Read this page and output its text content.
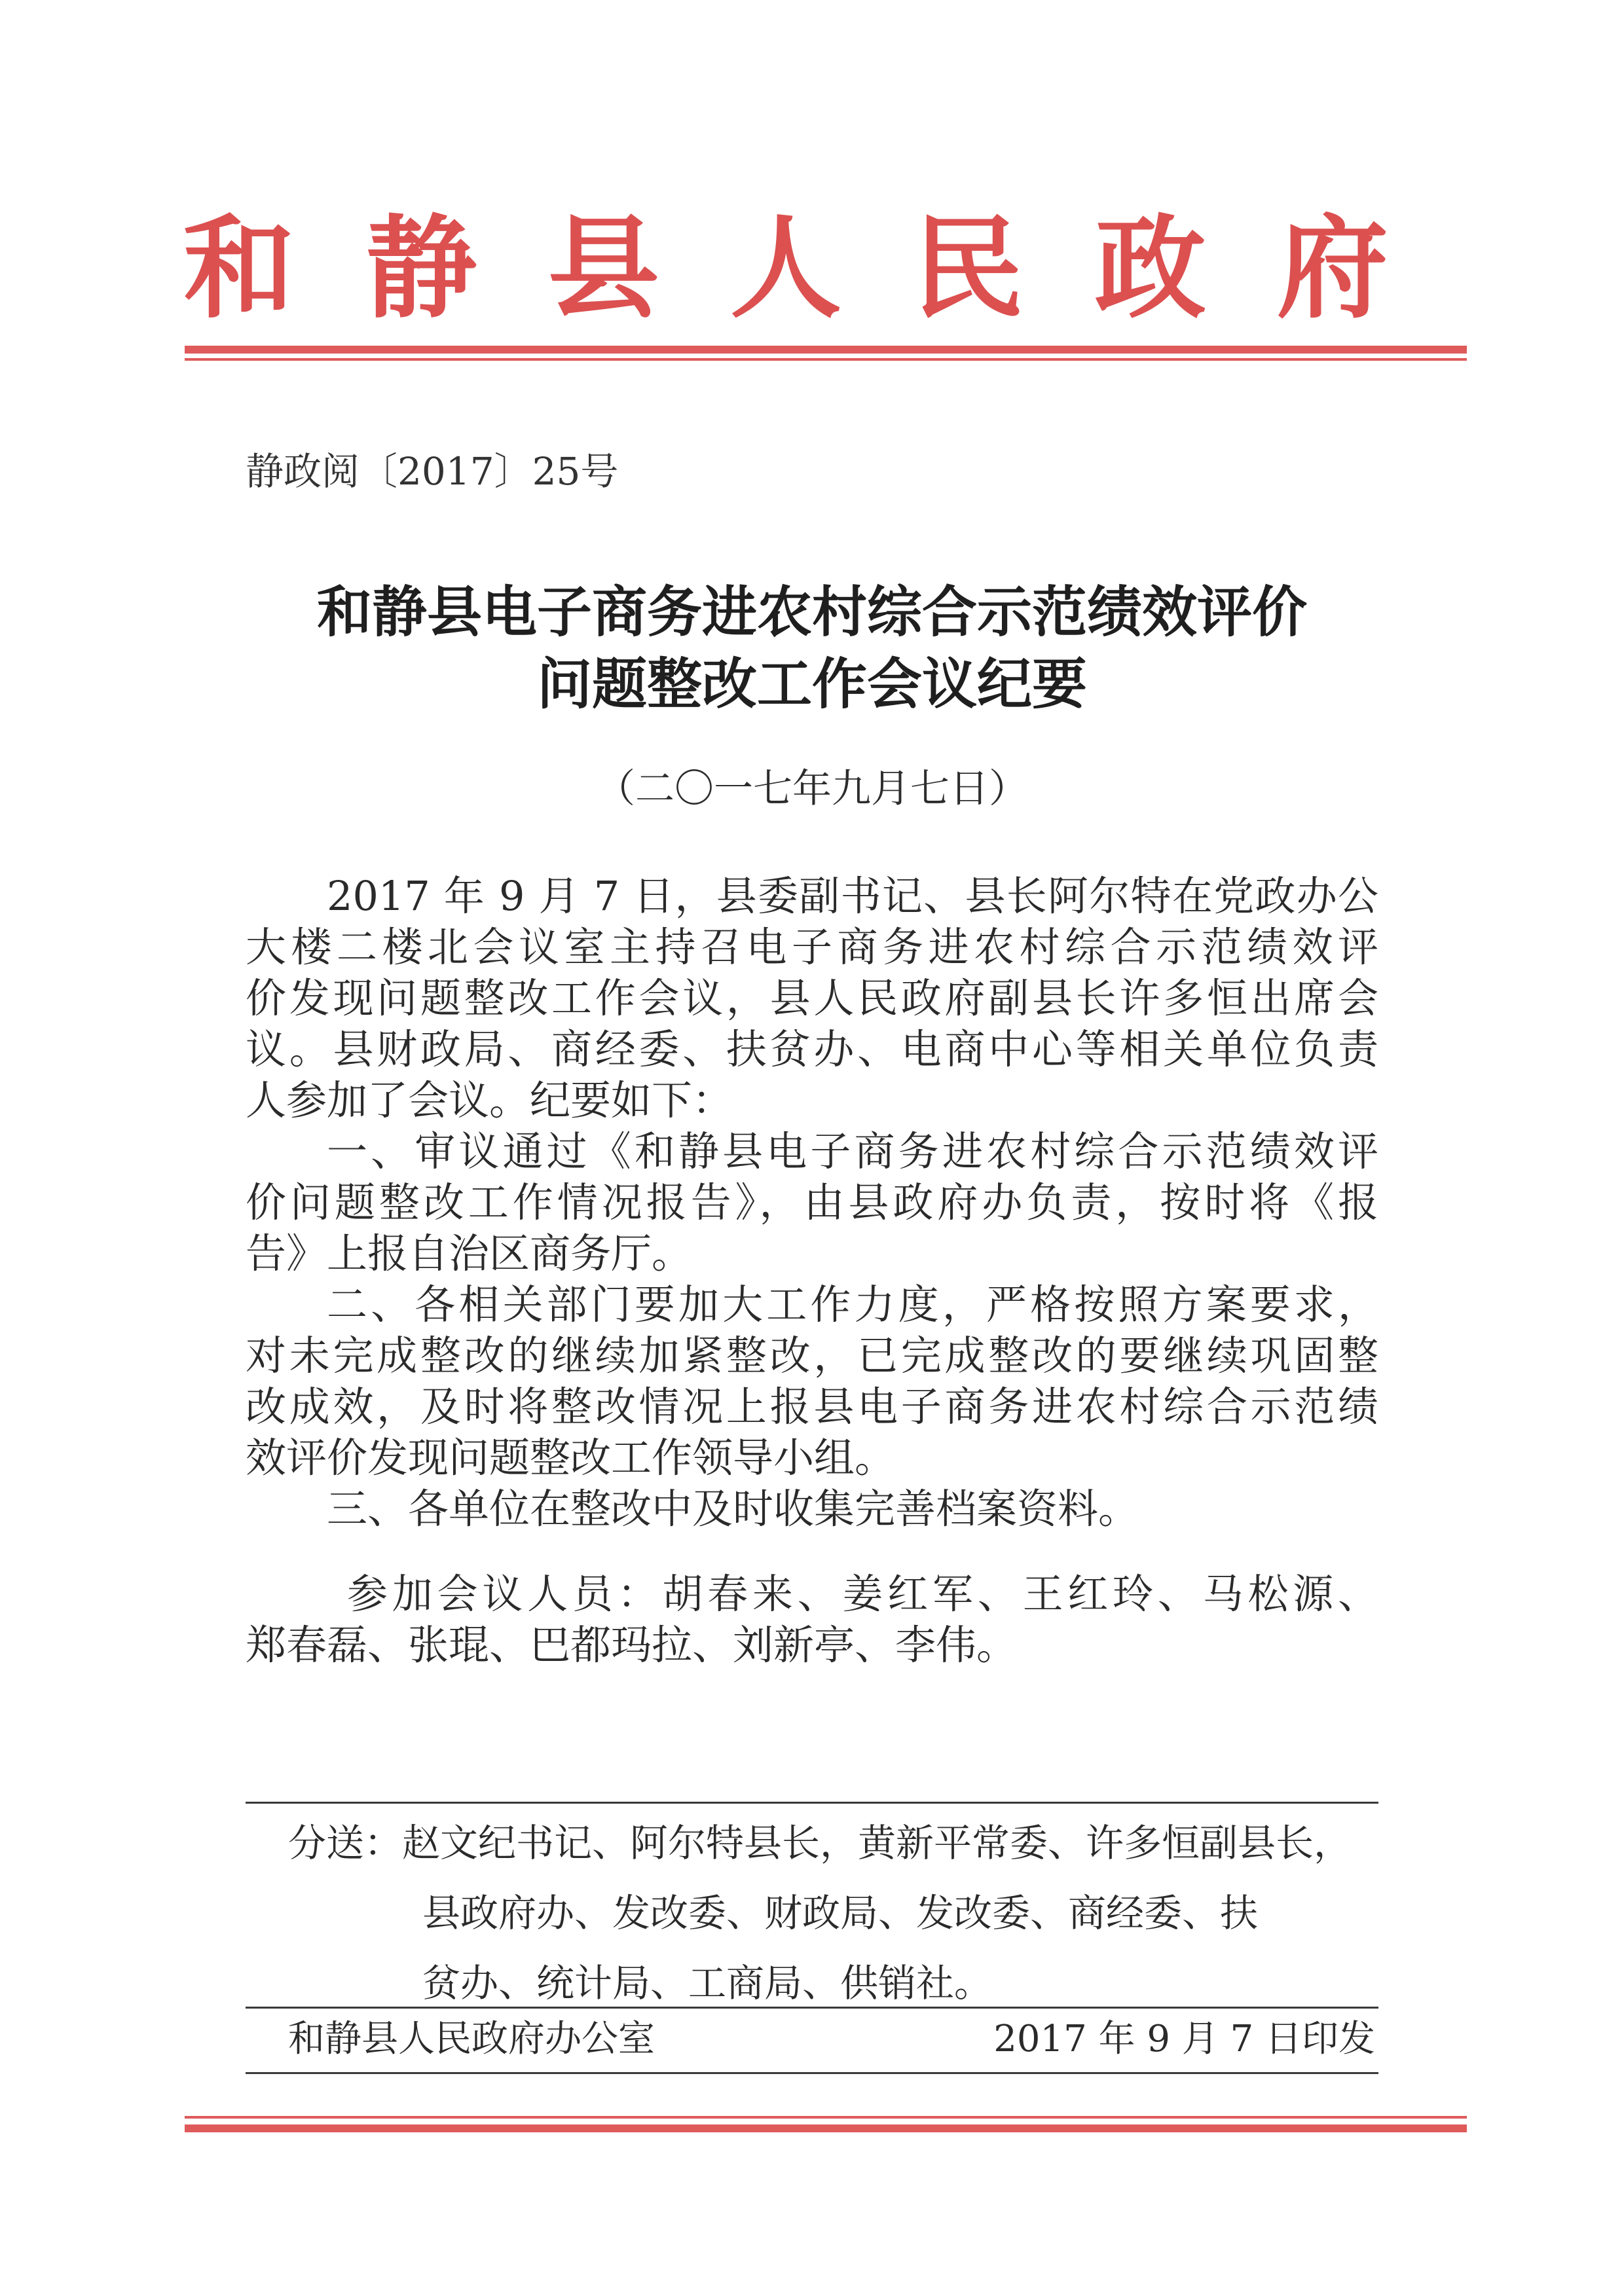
和 静 县 人 民 政 府
静政阅〔2017〕25号
和静县电子商务进农村综合示范绩效评价
问题整改工作会议纪要
（二〇一七年九月七日）
2017 年 9 月 7 日，县委副书记、县长阿尔特在党政办公
大楼二楼北会议室主持召电子商务进农村综合示范绩效评
价发现问题整改工作会议，县人民政府副县长许多恒出席会
议。县财政局、商经委、扶贫办、电商中心等相关单位负责
人参加了会议。纪要如下：
一、审议通过《和静县电子商务进农村综合示范绩效评
价问题整改工作情况报告》，由县政府办负责，按时将《报
告》上报自治区商务厅。
二、各相关部门要加大工作力度，严格按照方案要求，
对未完成整改的继续加紧整改，已完成整改的要继续巩固整
改成效，及时将整改情况上报县电子商务进农村综合示范绩
效评价发现问题整改工作领导小组。
三、各单位在整改中及时收集完善档案资料。
参加会议人员：胡春来、姜红军、王红玲、马松源、
郑春磊、张琨、巴都玛拉、刘新亭、李伟。
分送：赵文纪书记、阿尔特县长，黄新平常委、许多恒副县长，
县政府办、发改委、财政局、发改委、商经委、扶
贫办、统计局、工商局、供销社。
和静县人民政府办公室	2017 年 9 月 7 日印发
